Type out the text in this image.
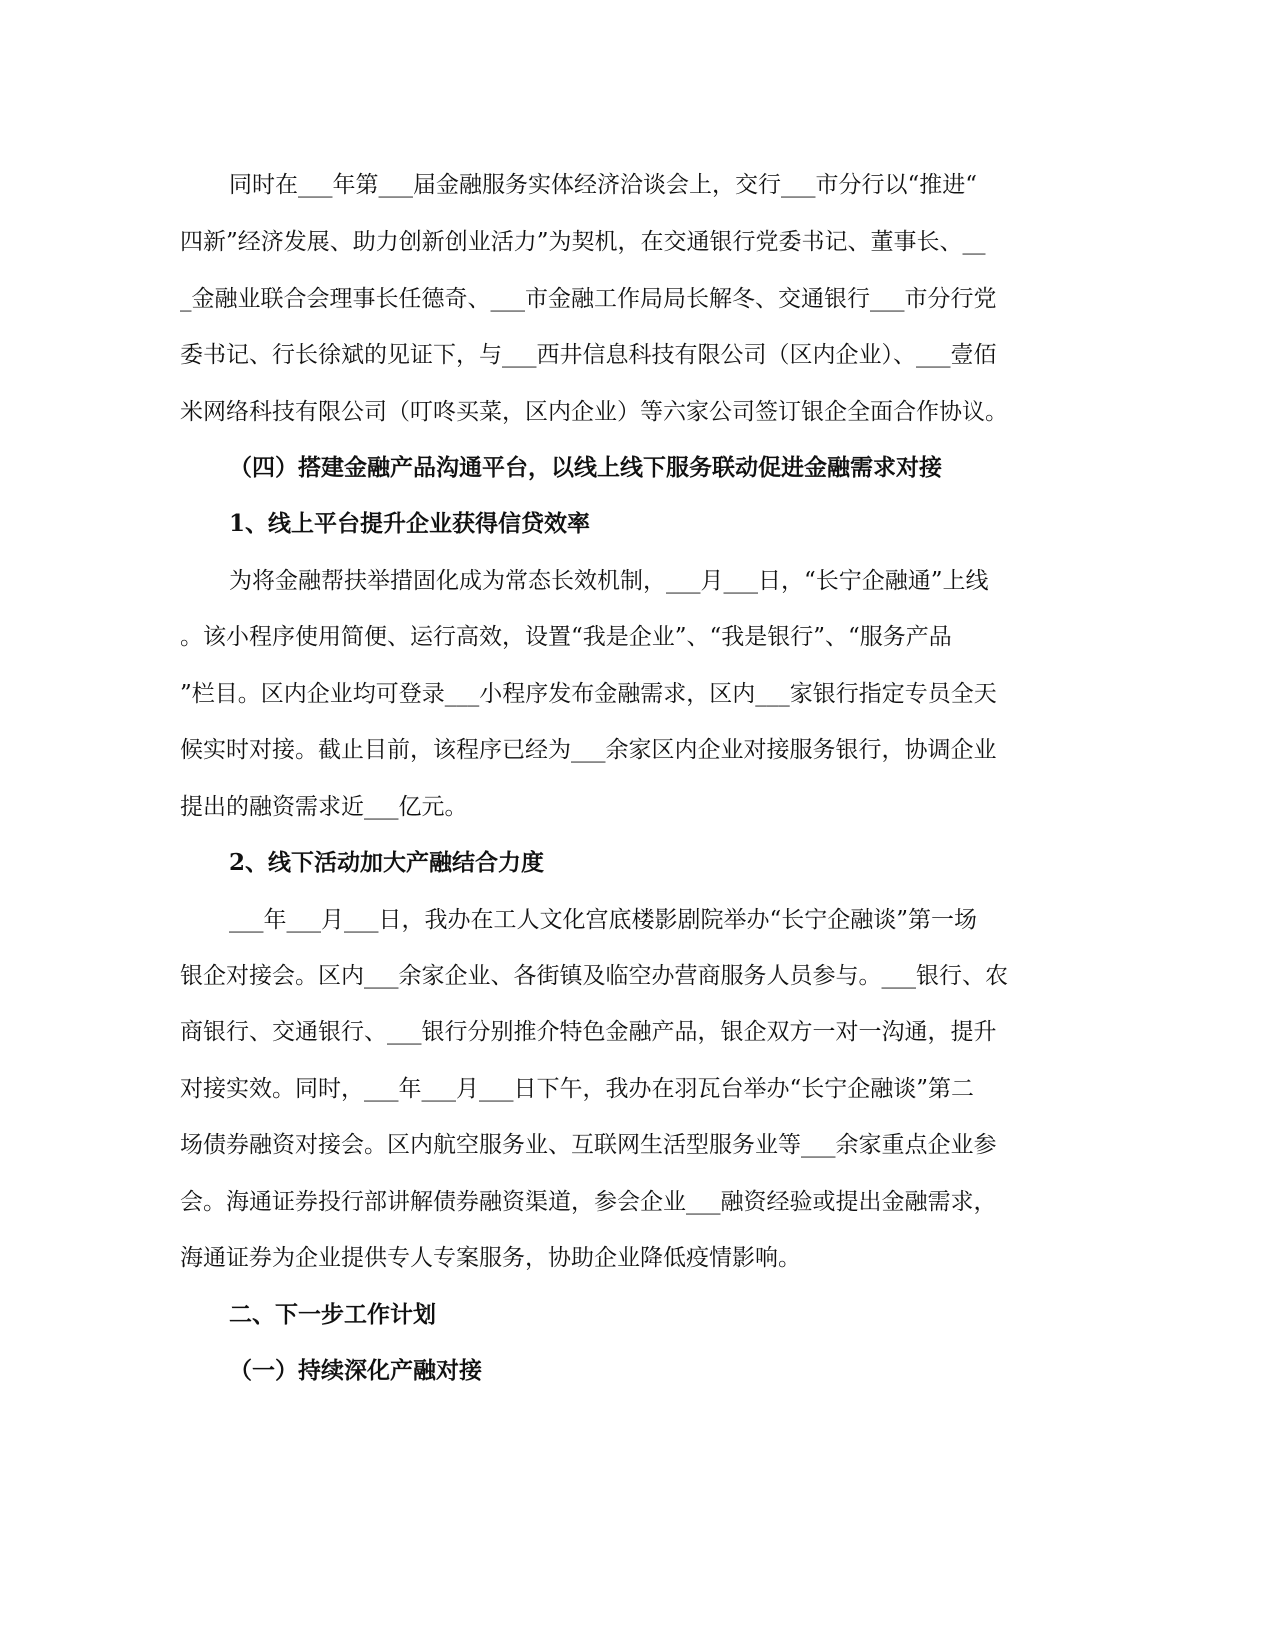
同时在___年第___届金融服务实体经济洽谈会上，交行___市分行以“推进“
四新”经济发展、助力创新创业活力”为契机，在交通银行党委书记、董事长、__
_金融业联合会理事长任德奇、___市金融工作局局长解冬、交通银行___市分行党
委书记、行长徐斌的见证下，与___西井信息科技有限公司（区内企业）、___壹佰
米网络科技有限公司（叮咚买菜，区内企业）等六家公司签订银企全面合作协议。
（四）搭建金融产品沟通平台，以线上线下服务联动促进金融需求对接
1、线上平台提升企业获得信贷效率
为将金融帮扶举措固化成为常态长效机制，___月___日，“长宁企融通”上线
。该小程序使用简便、运行高效，设置“我是企业”、“我是银行”、“服务产品
”栏目。区内企业均可登录___小程序发布金融需求，区内___家银行指定专员全天
候实时对接。截止目前，该程序已经为___余家区内企业对接服务银行，协调企业
提出的融资需求近___亿元。
2、线下活动加大产融结合力度
___年___月___日，我办在工人文化宫底楼影剧院举办“长宁企融谈”第一场
银企对接会。区内___余家企业、各街镇及临空办营商服务人员参与。___银行、农
商银行、交通银行、___银行分别推介特色金融产品，银企双方一对一沟通，提升
对接实效。同时，___年___月___日下午，我办在羽瓦台举办“长宁企融谈”第二
场债券融资对接会。区内航空服务业、互联网生活型服务业等___余家重点企业参
会。海通证券投行部讲解债券融资渠道，参会企业___融资经验或提出金融需求，
海通证券为企业提供专人专案服务，协助企业降低疫情影响。
二、下一步工作计划
（一）持续深化产融对接
